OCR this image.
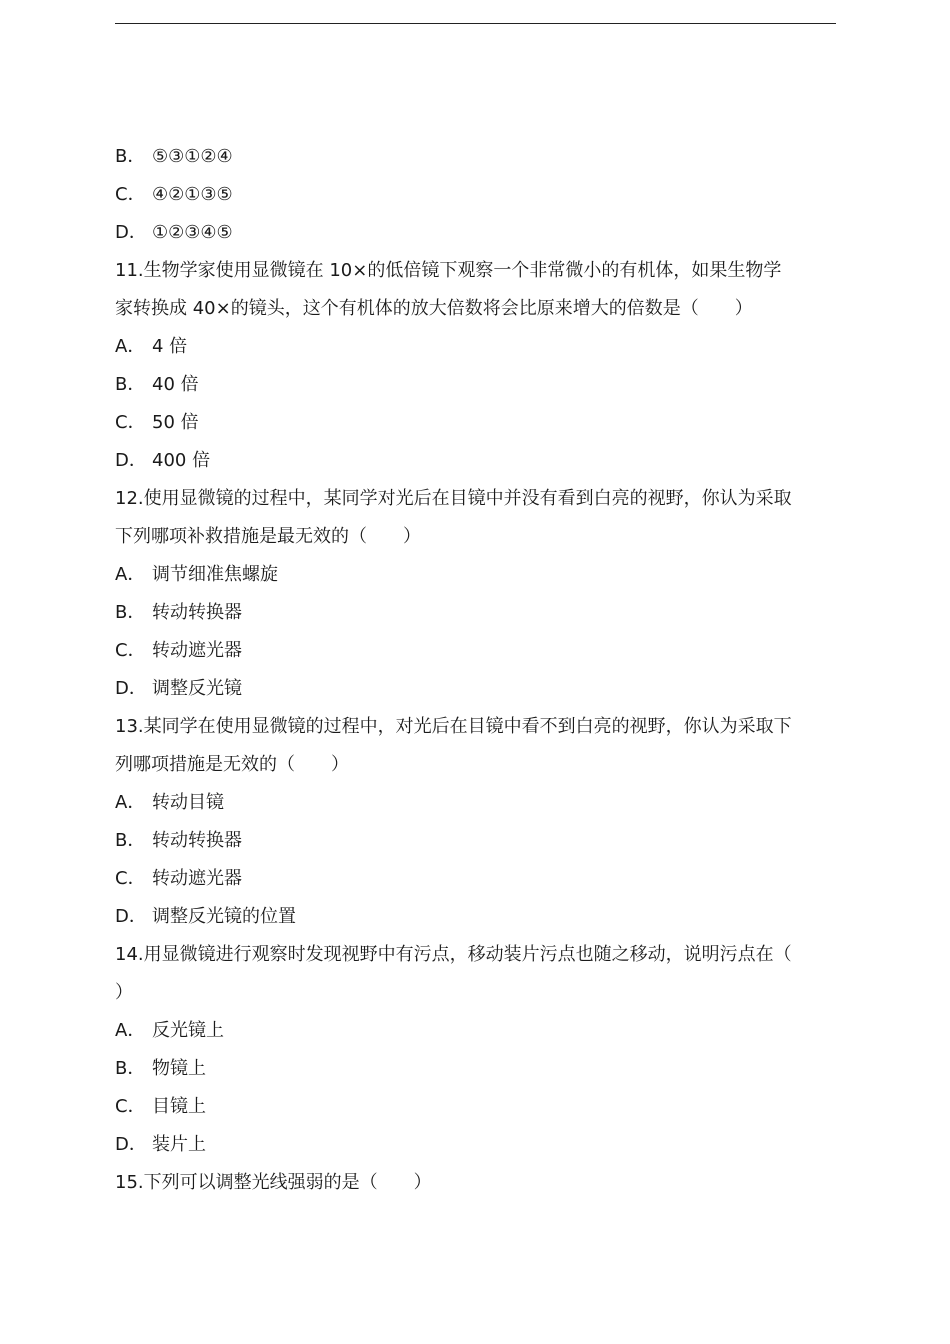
B． ⑤③①②④
C． ④②①③⑤
D． ①②③④⑤
11.生物学家使用显微镜在 10×的低倍镜下观察一个非常微小的有机体，如果生物学
家转换成 40×的镜头，这个有机体的放大倍数将会比原来增大的倍数是（　　）
A． 4 倍
B． 40 倍
C． 50 倍
D． 400 倍
12.使用显微镜的过程中，某同学对光后在目镜中并没有看到白亮的视野，你认为采取
下列哪项补救措施是最无效的（　　）
A． 调节细准焦螺旋
B． 转动转换器
C． 转动遮光器
D． 调整反光镜
13.某同学在使用显微镜的过程中，对光后在目镜中看不到白亮的视野，你认为采取下
列哪项措施是无效的（　　）
A． 转动目镜
B． 转动转换器
C． 转动遮光器
D． 调整反光镜的位置
14.用显微镜进行观察时发现视野中有污点，移动装片污点也随之移动，说明污点在（
）
A． 反光镜上
B． 物镜上
C． 目镜上
D． 装片上
15.下列可以调整光线强弱的是（　　）
